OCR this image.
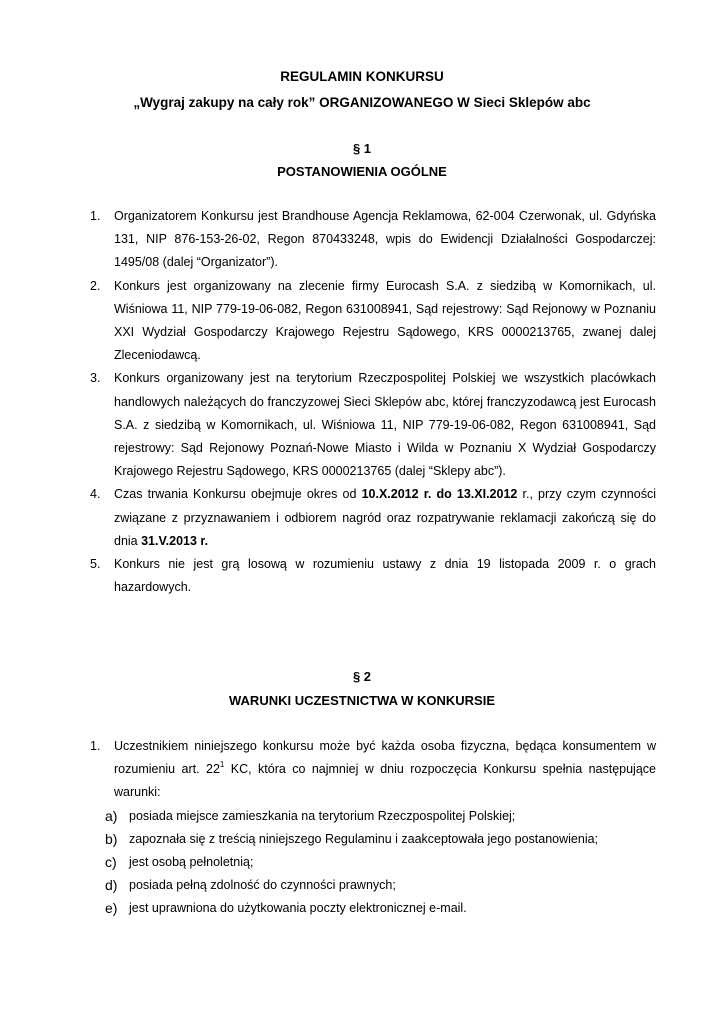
REGULAMIN KONKURSU
„Wygraj zakupy na cały rok” ORGANIZOWANEGO W Sieci Sklepów abc
§ 1
POSTANOWIENIA OGÓLNE
1. Organizatorem Konkursu jest Brandhouse Agencja Reklamowa, 62-004 Czerwonak, ul. Gdyńska 131, NIP 876-153-26-02, Regon 870433248, wpis do Ewidencji Działalności Gospodarczej: 1495/08 (dalej “Organizator”).
2. Konkurs jest organizowany na zlecenie firmy Eurocash S.A. z siedzibą w Komornikach, ul. Wiśniowa 11, NIP 779-19-06-082, Regon 631008941, Sąd rejestrowy: Sąd Rejonowy w Poznaniu XXI Wydział Gospodarczy Krajowego Rejestru Sądowego, KRS 0000213765, zwanej dalej Zleceniodawcą.
3. Konkurs organizowany jest na terytorium Rzeczpospolitej Polskiej we wszystkich placówkach handlowych należących do franczyzowej Sieci Sklepów abc, której franczyzodawcą jest Eurocash S.A. z siedzibą w Komornikach, ul. Wiśniowa 11, NIP 779-19-06-082, Regon 631008941, Sąd rejestrowy: Sąd Rejonowy Poznań-Nowe Miasto i Wilda w Poznaniu X Wydział Gospodarczy Krajowego Rejestru Sądowego, KRS 0000213765 (dalej “Sklepy abc”).
4. Czas trwania Konkursu obejmuje okres od 10.X.2012 r. do 13.XI.2012 r., przy czym czynności związane z przyznawaniem i odbiorem nagród oraz rozpatrywanie reklamacji zakończą się do dnia 31.V.2013 r.
5. Konkurs nie jest grą losową w rozumieniu ustawy z dnia 19 listopada 2009 r. o grach hazardowych.
§ 2
WARUNKI UCZESTNICTWA W KONKURSIE
1. Uczestnikiem niniejszego konkursu może być każda osoba fizyczna, będąca konsumentem w rozumieniu art. $22^1$ KC, która co najmniej w dniu rozpoczęcia Konkursu spełnia następujące warunki:
a) posiada miejsce zamieszkania na terytorium Rzeczpospolitej Polskiej;
b) zapoznała się z treścią niniejszego Regulaminu i zaakceptowała jego postanowienia;
c) jest osobą pełnoletnią;
d) posiada pełną zdolność do czynności prawnych;
e) jest uprawniona do użytkowania poczty elektronicznej e-mail.
